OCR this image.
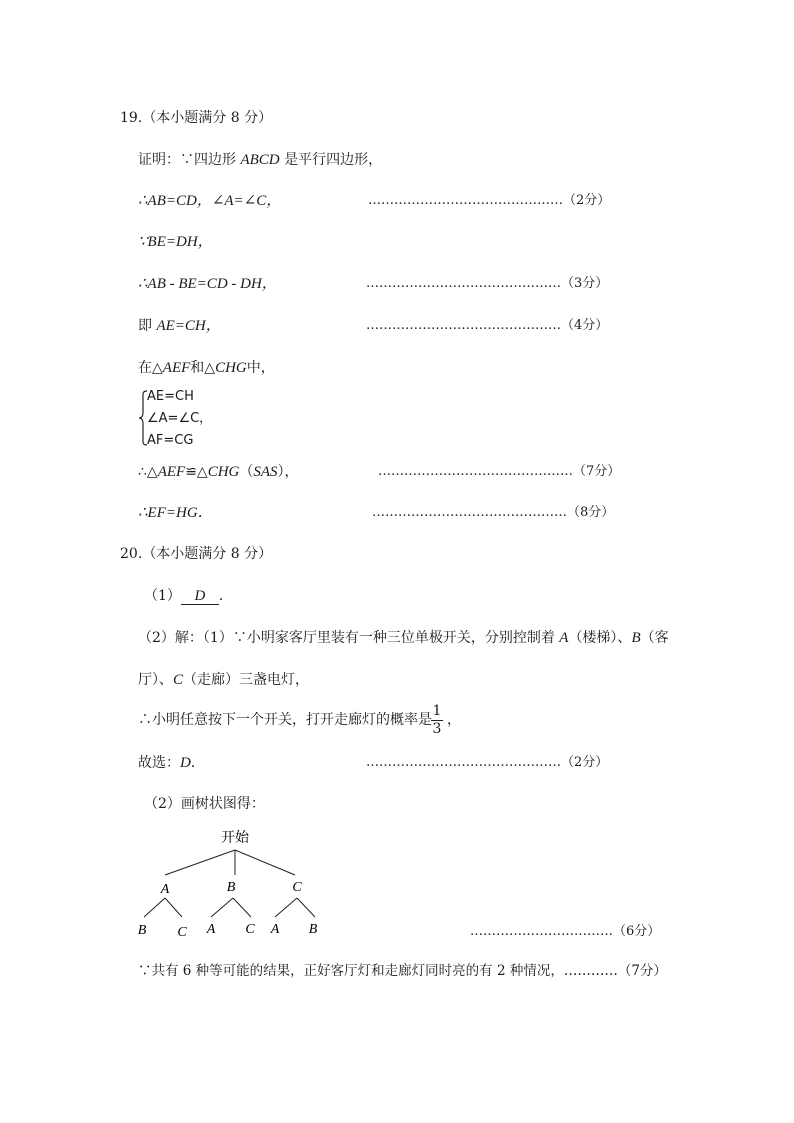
19.（本小题满分 8 分）
证明：∵四边形 ABCD 是平行四边形，
∴AB=CD，∠A=∠C，	………………………………………（2分）
∵BE=DH，
∴AB - BE=CD - DH，	………………………………………（3分）
即 AE=CH，	………………………………………（4分）
在△AEF和△CHG中，
AE=CH
∠A=∠C，
AF=CG
∴△AEF≌△CHG（SAS），	………………………………………（7分）
∴EF=HG．	………………………………………（8分）
20.（本小题满分 8 分）
（1） D ．
（2）解：（1）∵小明家客厅里装有一种三位单极开关，分别控制着 A（楼梯）、B（客
厅）、C（走廊）三盏电灯，
∴小明任意按下一个开关，打开走廊灯的概率是
1
3
，
故选：D．	………………………………………（2分）
（2）画树状图得：
开始
A	B	C
B C A C A B	……………………………（6分）
∵共有 6 种等可能的结果，正好客厅灯和走廊灯同时亮的有 2 种情况，…………（7分）
